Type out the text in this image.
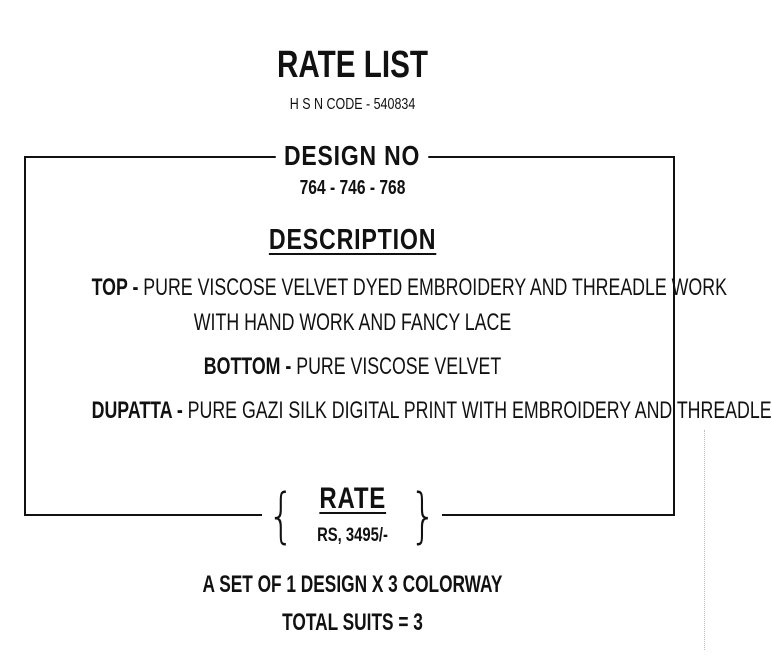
RATE LIST
H S N CODE - 540834
DESIGN NO
764 - 746 - 768
DESCRIPTION
TOP - PURE VISCOSE VELVET DYED EMBROIDERY AND THREADLE WORK
WITH HAND WORK AND FANCY LACE
BOTTOM - PURE VISCOSE VELVET
DUPATTA - PURE GAZI SILK DIGITAL PRINT WITH EMBROIDERY AND THREADLE
{ }
RATE
RS, 3495/-
A SET OF 1 DESIGN X 3 COLORWAY
TOTAL SUITS = 3
